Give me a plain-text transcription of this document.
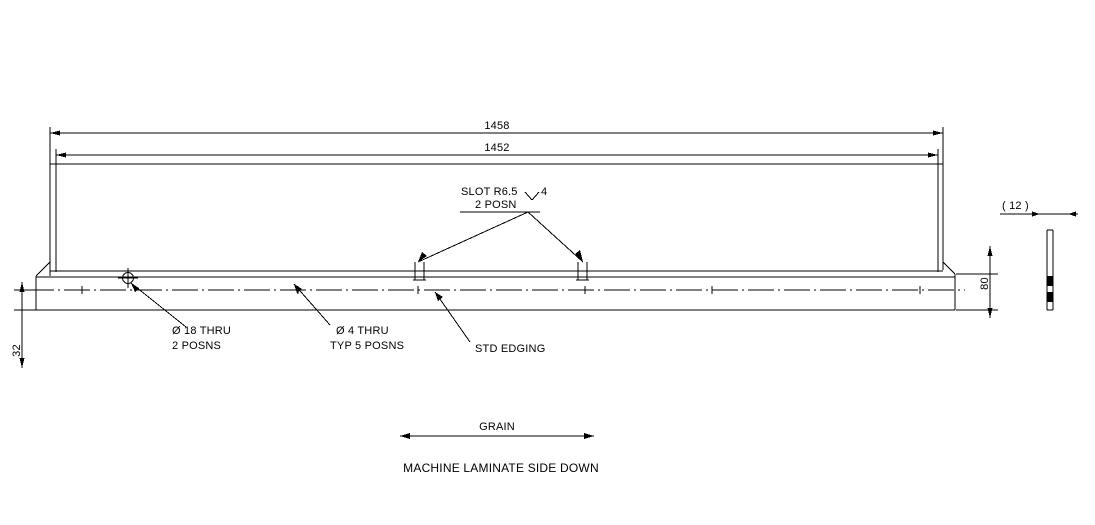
1458
1452
SLOT R6.5 4
2 POSN
Ø 18 THRU
2 POSNS
Ø 4 THRU
TYP 5 POSNS	STD EDGING
80
32
( 12 )
GRAIN
MACHINE LAMINATE SIDE DOWN
